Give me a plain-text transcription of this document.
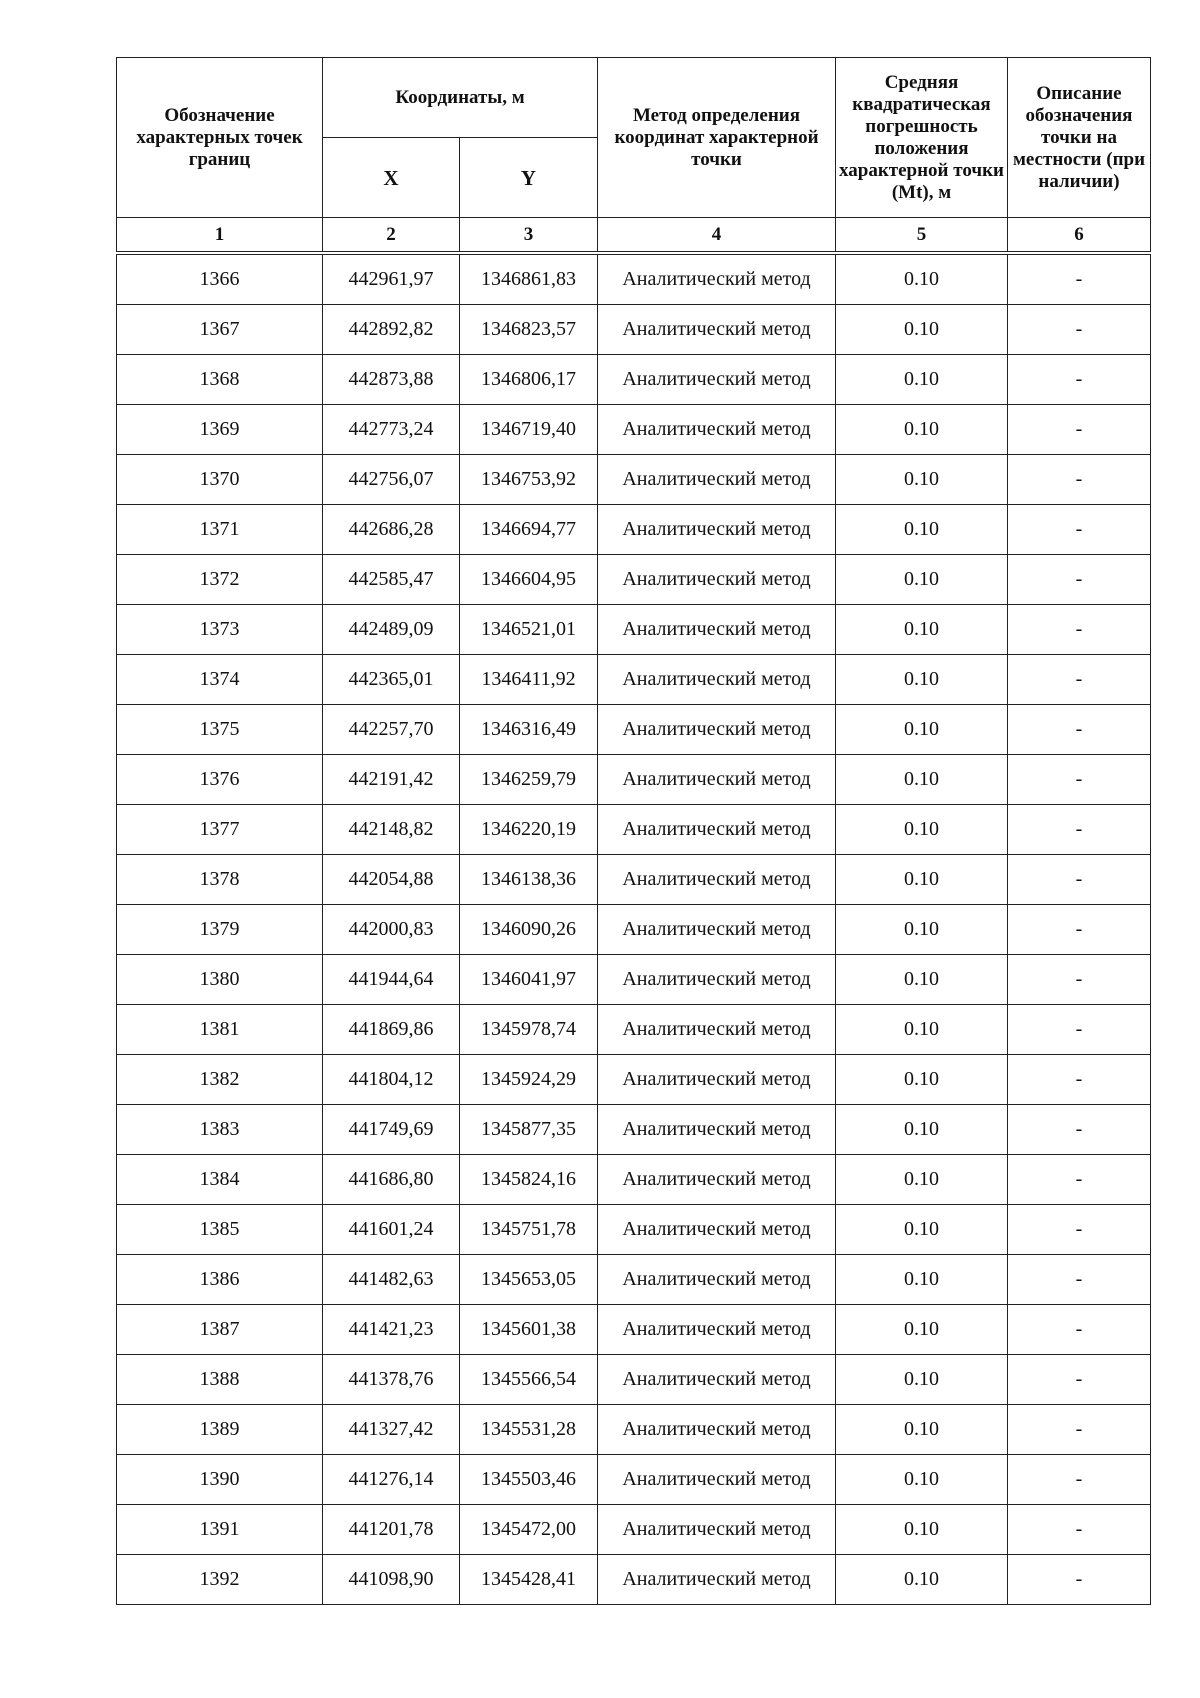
Обозначение характерных точек границ	Координаты, м		Метод определения координат характерной точки	Средняя квадратическая погрешность положения характерной точки (Mt), м	Описание обозначения точки на местности (при наличии)
	X	Y			
1	2	3	4	5	6

1366	442961,97	1346861,83	Аналитический метод	0.10	-
1367	442892,82	1346823,57	Аналитический метод	0.10	-
1368	442873,88	1346806,17	Аналитический метод	0.10	-
1369	442773,24	1346719,40	Аналитический метод	0.10	-
1370	442756,07	1346753,92	Аналитический метод	0.10	-
1371	442686,28	1346694,77	Аналитический метод	0.10	-
1372	442585,47	1346604,95	Аналитический метод	0.10	-
1373	442489,09	1346521,01	Аналитический метод	0.10	-
1374	442365,01	1346411,92	Аналитический метод	0.10	-
1375	442257,70	1346316,49	Аналитический метод	0.10	-
1376	442191,42	1346259,79	Аналитический метод	0.10	-
1377	442148,82	1346220,19	Аналитический метод	0.10	-
1378	442054,88	1346138,36	Аналитический метод	0.10	-
1379	442000,83	1346090,26	Аналитический метод	0.10	-
1380	441944,64	1346041,97	Аналитический метод	0.10	-
1381	441869,86	1345978,74	Аналитический метод	0.10	-
1382	441804,12	1345924,29	Аналитический метод	0.10	-
1383	441749,69	1345877,35	Аналитический метод	0.10	-
1384	441686,80	1345824,16	Аналитический метод	0.10	-
1385	441601,24	1345751,78	Аналитический метод	0.10	-
1386	441482,63	1345653,05	Аналитический метод	0.10	-
1387	441421,23	1345601,38	Аналитический метод	0.10	-
1388	441378,76	1345566,54	Аналитический метод	0.10	-
1389	441327,42	1345531,28	Аналитический метод	0.10	-
1390	441276,14	1345503,46	Аналитический метод	0.10	-
1391	441201,78	1345472,00	Аналитический метод	0.10	-
1392	441098,90	1345428,41	Аналитический метод	0.10	-
